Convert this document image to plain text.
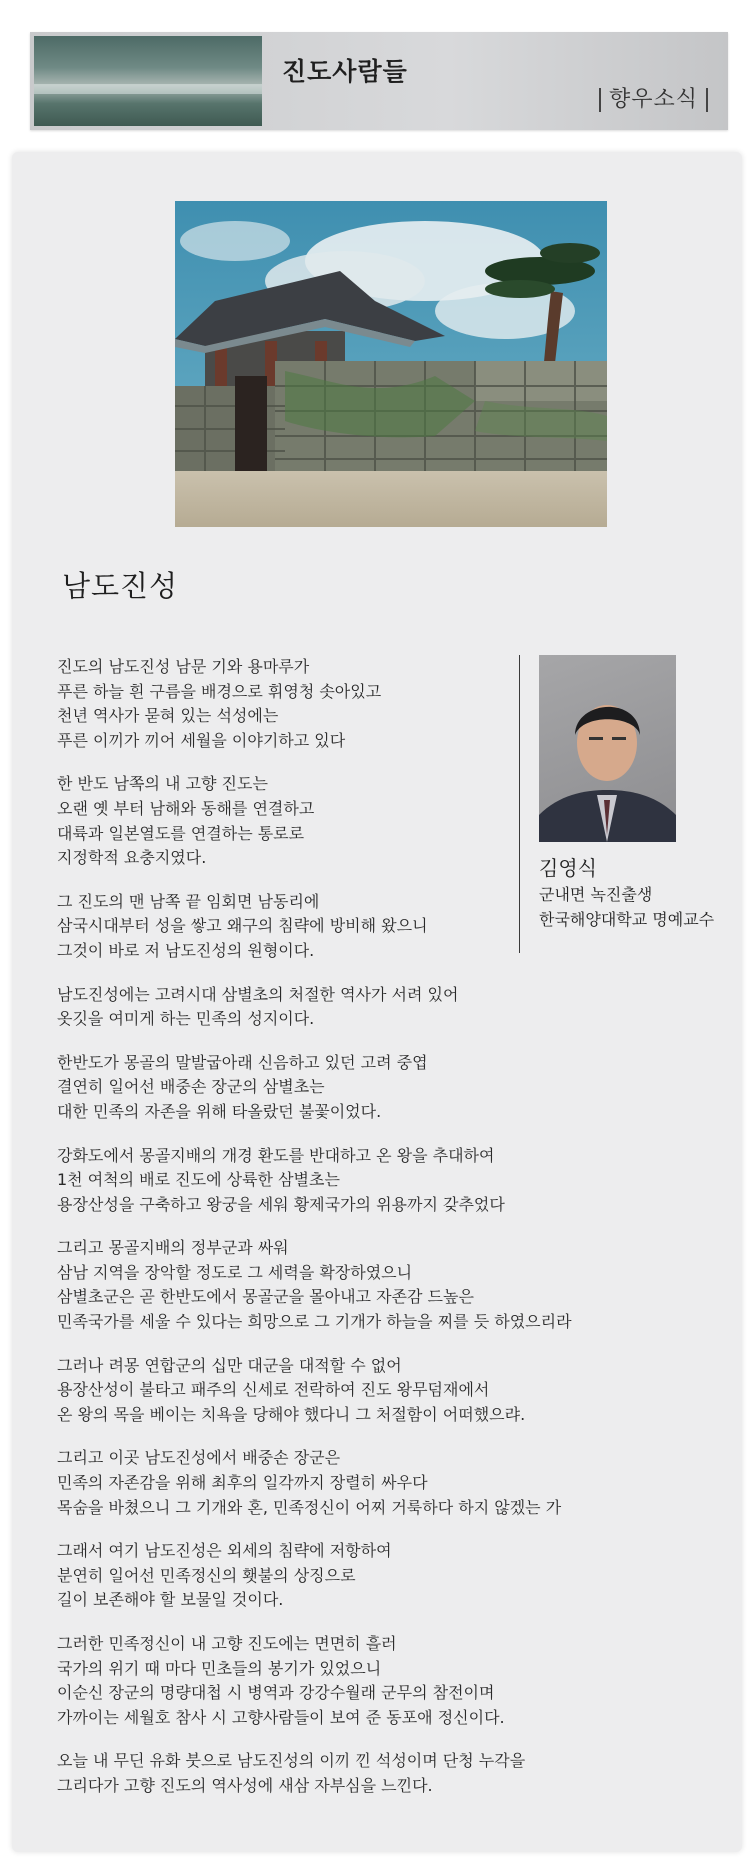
진도사람들
향우소식
남도진성
진도의 남도진성 남문 기와 용마루가
푸른 하늘 흰 구름을 배경으로 휘영청 솟아있고
천년 역사가 묻혀 있는 석성에는
푸른 이끼가 끼어 세월을 이야기하고 있다
한 반도 남쪽의 내 고향 진도는
오랜 옛 부터 남해와 동해를 연결하고
대륙과 일본열도를 연결하는 통로로
지정학적 요충지였다.
그 진도의 맨 남쪽 끝 임회면 남동리에
삼국시대부터 성을 쌓고 왜구의 침략에 방비해 왔으니
그것이 바로 저 남도진성의 원형이다.
남도진성에는 고려시대 삼별초의 처절한 역사가 서려 있어
옷깃을 여미게 하는 민족의 성지이다.
한반도가 몽골의 말발굽아래 신음하고 있던 고려 중엽
결연히 일어선 배중손 장군의 삼별초는
대한 민족의 자존을 위해 타올랐던 불꽃이었다.
강화도에서 몽골지배의 개경 환도를 반대하고 온 왕을 추대하여
1천 여척의 배로 진도에 상륙한 삼별초는
용장산성을 구축하고 왕궁을 세워 황제국가의 위용까지 갖추었다
그리고 몽골지배의 정부군과 싸워
삼남 지역을 장악할 정도로 그 세력을 확장하였으니
삼별초군은 곧 한반도에서 몽골군을 몰아내고 자존감 드높은
민족국가를 세울 수 있다는 희망으로 그 기개가 하늘을 찌를 듯 하였으리라
그러나 려몽 연합군의 십만 대군을 대적할 수 없어
용장산성이 불타고 패주의 신세로 전락하여 진도 왕무덤재에서
온 왕의 목을 베이는 치욕을 당해야 했다니 그 처절함이 어떠했으랴.
그리고 이곳 남도진성에서 배중손 장군은
민족의 자존감을 위해 최후의 일각까지 장렬히 싸우다
목숨을 바쳤으니 그 기개와 혼, 민족정신이 어찌 거룩하다 하지 않겠는 가
그래서 여기 남도진성은 외세의 침략에 저항하여
분연히 일어선 민족정신의 횃불의 상징으로
길이 보존해야 할 보물일 것이다.
그러한 민족정신이 내 고향 진도에는 면면히 흘러
국가의 위기 때 마다 민초들의 봉기가 있었으니
이순신 장군의 명량대첩 시 병역과 강강수월래 군무의 참전이며
가까이는 세월호 참사 시 고향사람들이 보여 준 동포애 정신이다.
오늘 내 무딘 유화 붓으로 남도진성의 이끼 낀 석성이며 단청 누각을
그리다가 고향 진도의 역사성에 새삼 자부심을 느낀다.
김영식
군내면 녹진출생
한국해양대학교 명예교수
